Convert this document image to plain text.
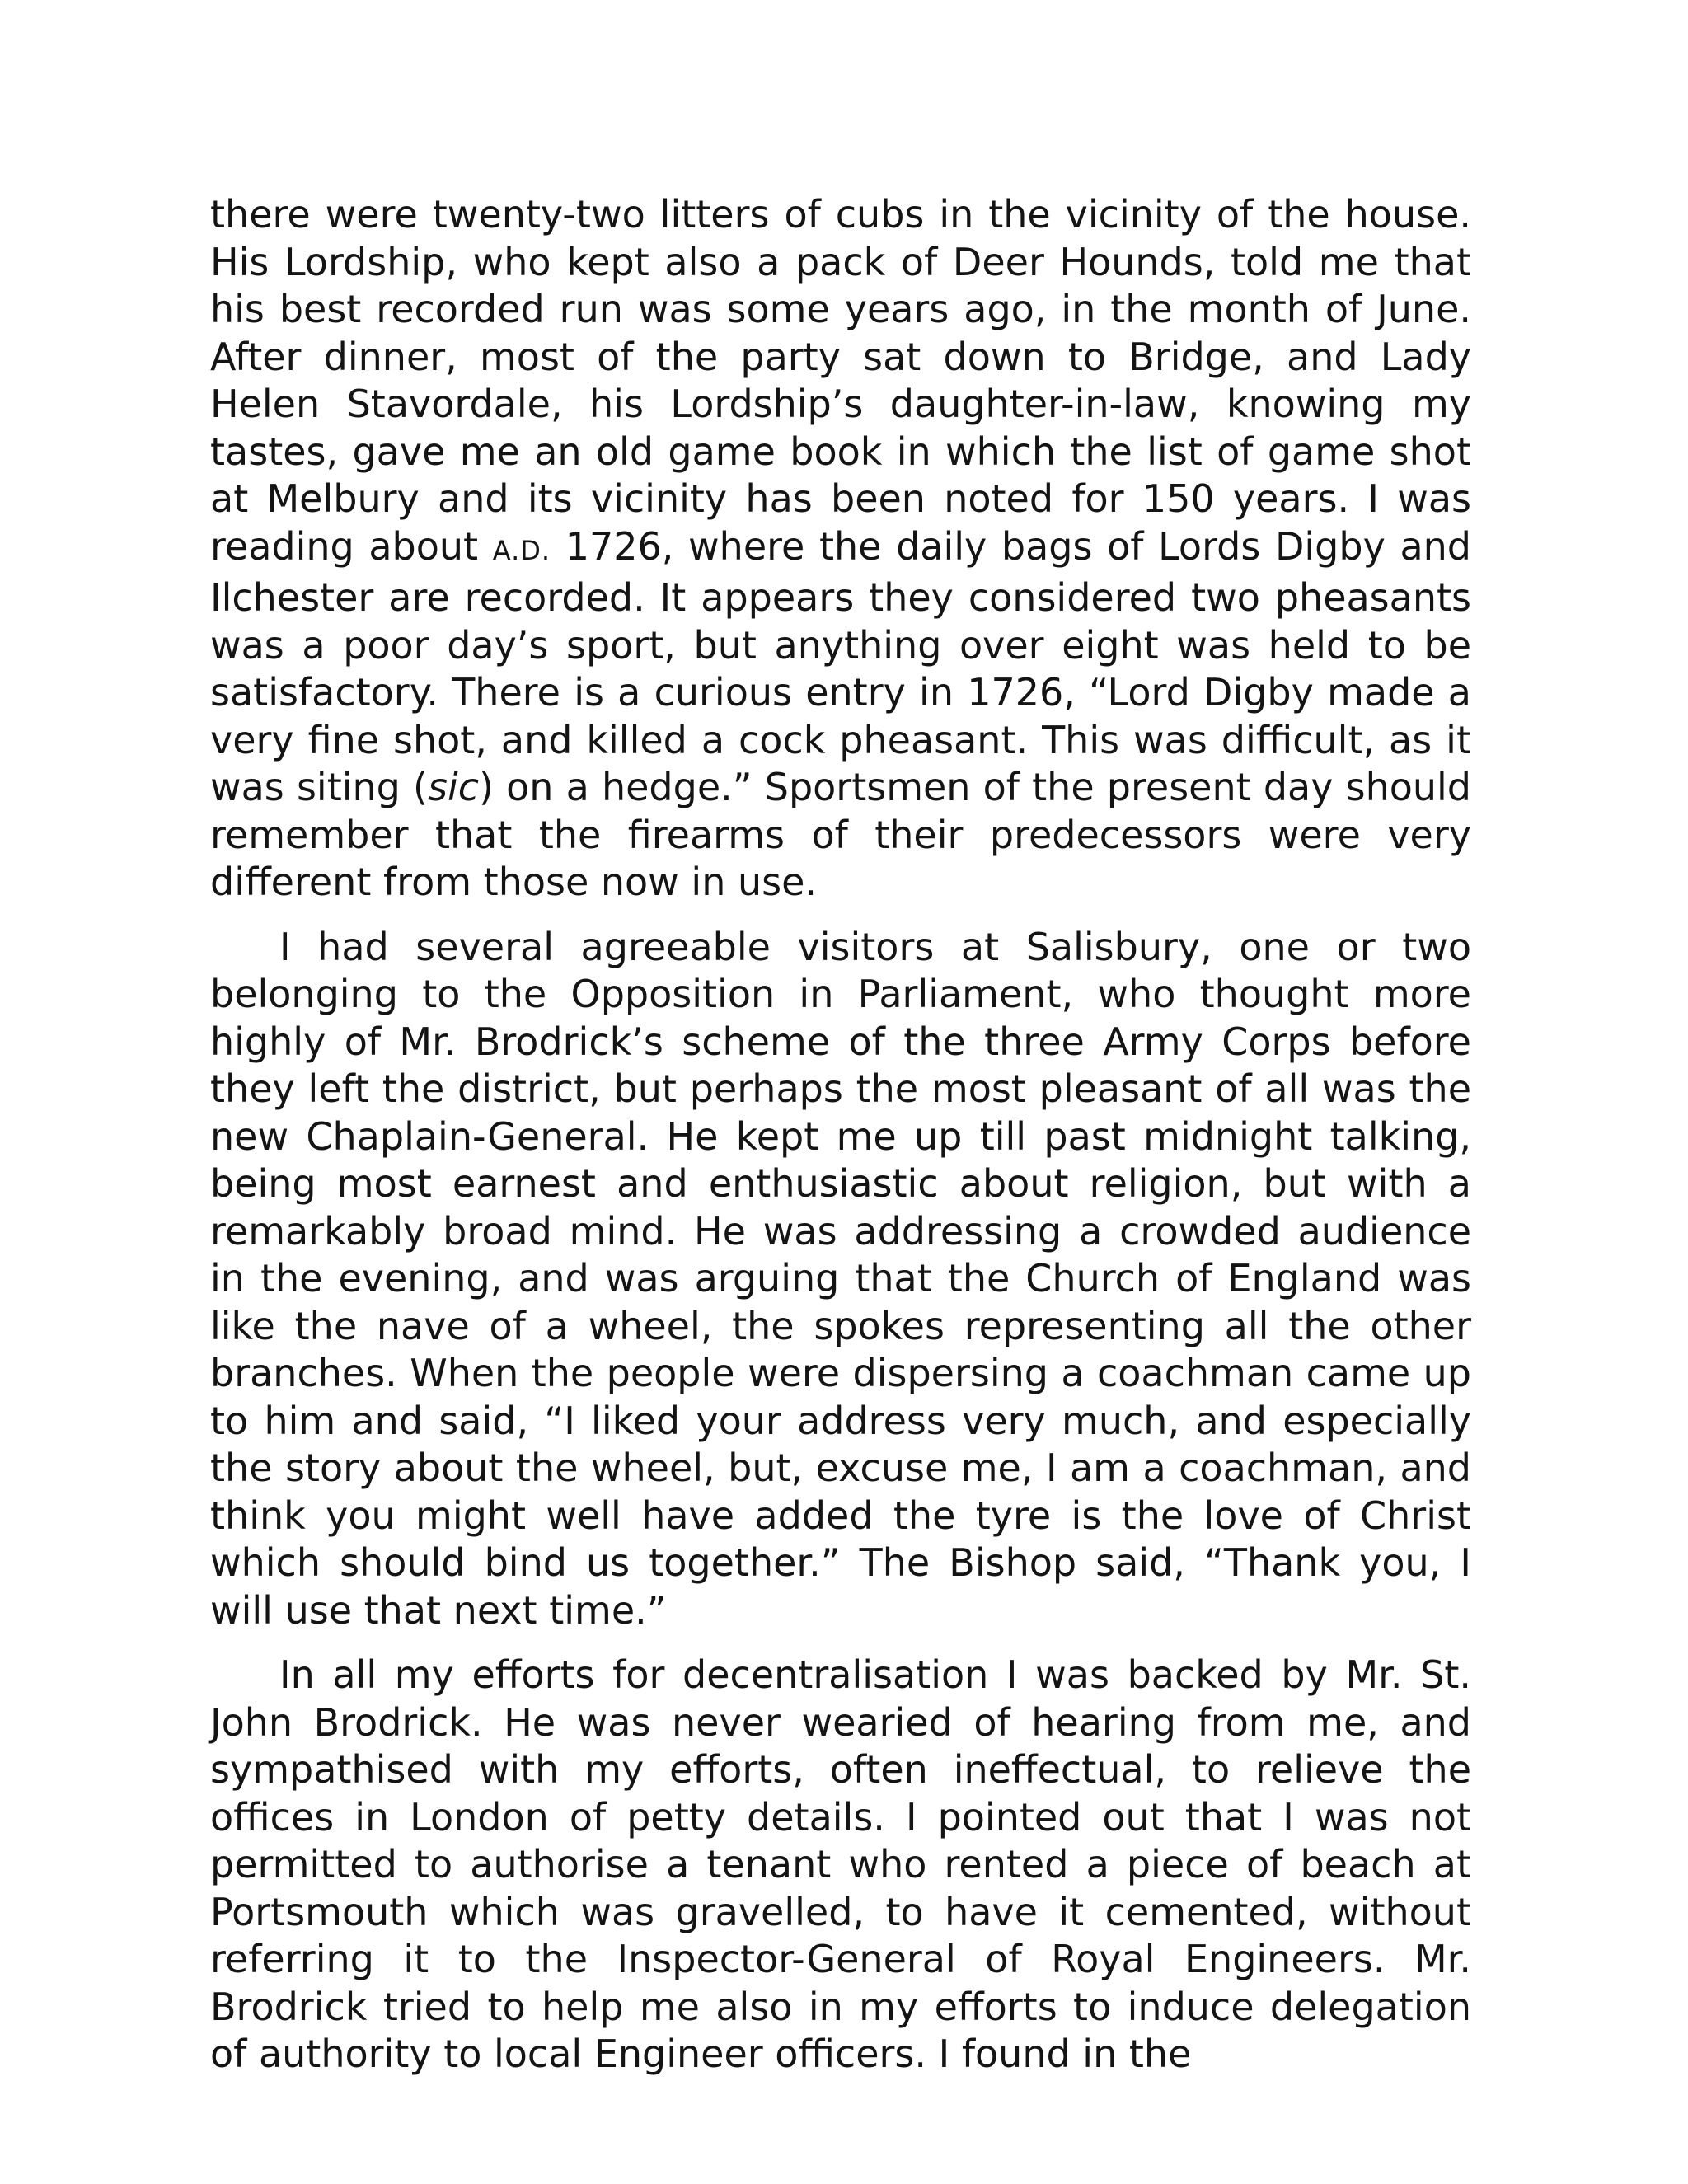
there were twenty-two litters of cubs in the vicinity of the house. His Lordship, who kept also a pack of Deer Hounds, told me that his best recorded run was some years ago, in the month of June. After dinner, most of the party sat down to Bridge, and Lady Helen Stavordale, his Lordship’s daughter-in-law, knowing my tastes, gave me an old game book in which the list of game shot at Melbury and its vicinity has been noted for 150 years. I was reading about A.D. 1726, where the daily bags of Lords Digby and Ilchester are recorded. It appears they considered two pheasants was a poor day’s sport, but anything over eight was held to be satisfactory. There is a curious entry in 1726, “Lord Digby made a very fine shot, and killed a cock pheasant. This was difficult, as it was siting (sic) on a hedge.” Sportsmen of the present day should remember that the firearms of their predecessors were very different from those now in use.

I had several agreeable visitors at Salisbury, one or two belonging to the Opposition in Parliament, who thought more highly of Mr. Brodrick’s scheme of the three Army Corps before they left the district, but perhaps the most pleasant of all was the new Chaplain-General. He kept me up till past midnight talking, being most earnest and enthusiastic about religion, but with a remarkably broad mind. He was addressing a crowded audience in the evening, and was arguing that the Church of England was like the nave of a wheel, the spokes representing all the other branches. When the people were dispersing a coachman came up to him and said, “I liked your address very much, and especially the story about the wheel, but, excuse me, I am a coachman, and think you might well have added the tyre is the love of Christ which should bind us together.” The Bishop said, “Thank you, I will use that next time.”

In all my efforts for decentralisation I was backed by Mr. St. John Brodrick. He was never wearied of hearing from me, and sympathised with my efforts, often ineffectual, to relieve the offices in London of petty details. I pointed out that I was not permitted to authorise a tenant who rented a piece of beach at Portsmouth which was gravelled, to have it cemented, without referring it to the Inspector-General of Royal Engineers. Mr. Brodrick tried to help me also in my efforts to induce delegation of authority to local Engineer officers. I found in the
